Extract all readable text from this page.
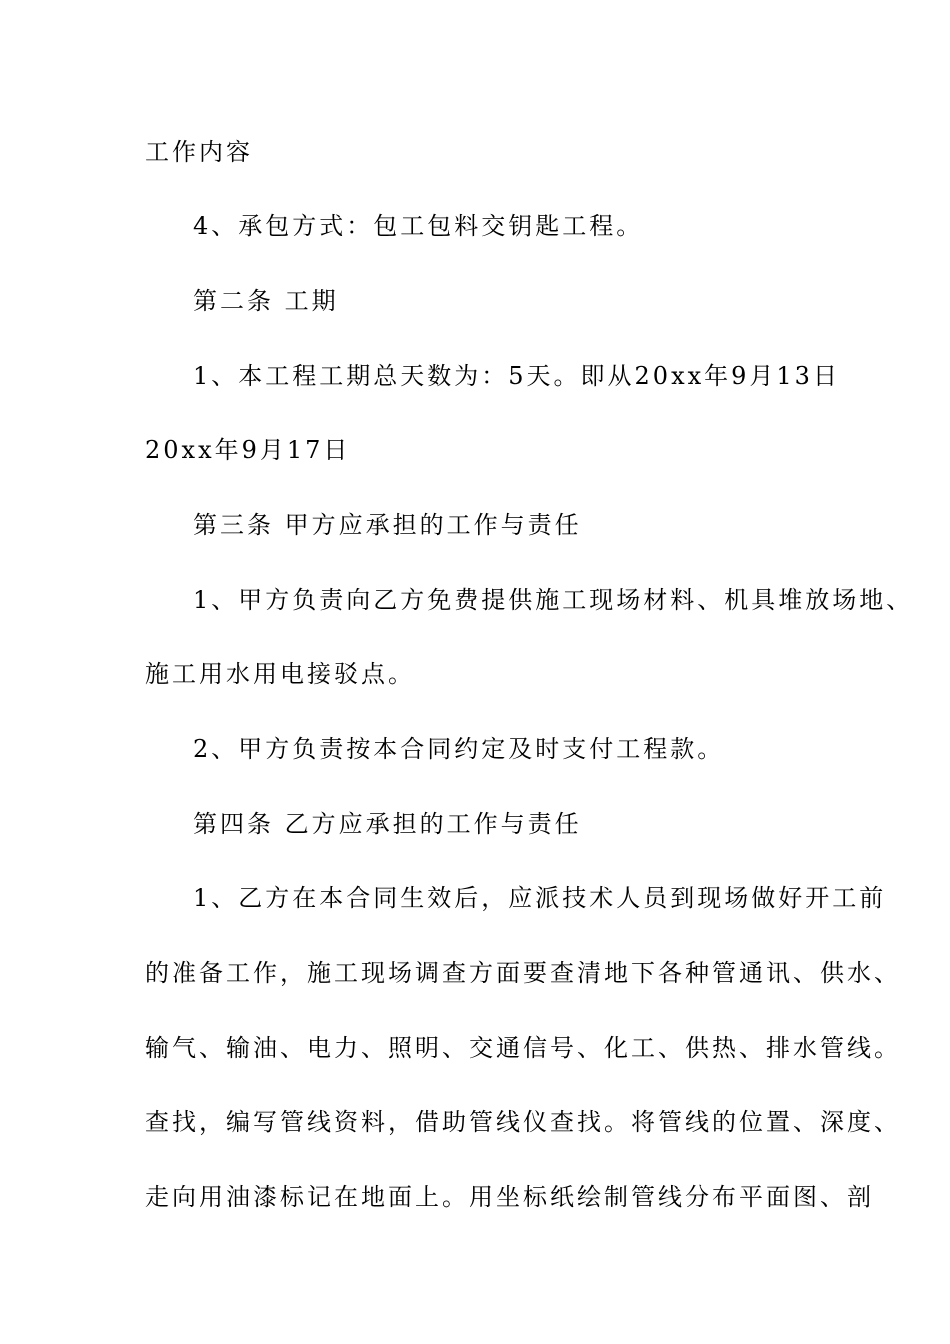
工作内容
4、承包方式：包工包料交钥匙工程。
第二条 工期
1、本工程工期总天数为：5天。即从20xx年9月13日
20xx年9月17日
第三条 甲方应承担的工作与责任
1、甲方负责向乙方免费提供施工现场材料、机具堆放场地、
施工用水用电接驳点。
2、甲方负责按本合同约定及时支付工程款。
第四条 乙方应承担的工作与责任
1、乙方在本合同生效后，应派技术人员到现场做好开工前
的准备工作，施工现场调查方面要查清地下各种管通讯、供水、
输气、输油、电力、照明、交通信号、化工、供热、排水管线。
查找，编写管线资料，借助管线仪查找。将管线的位置、深度、
走向用油漆标记在地面上。用坐标纸绘制管线分布平面图、剖
